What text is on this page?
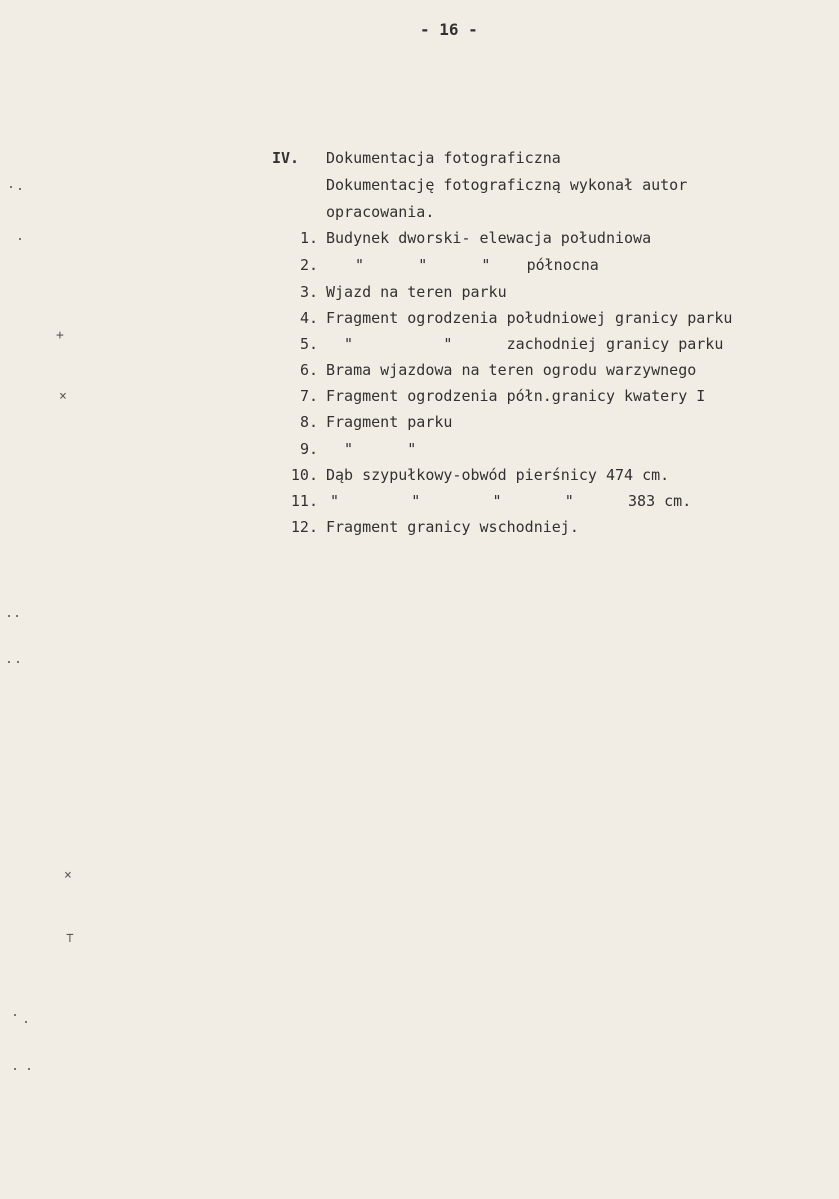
- 16 -
IV. Dokumentacja fotograficzna
Dokumentację fotograficzną wykonał autor
opracowania.
1. Budynek dworski- elewacja południowa
2. "      "      "    północna
3. Wjazd na teren parku
4. Fragment ogrodzenia południowej granicy parku
5. "          "      zachodniej granicy parku
6. Brama wjazdowa na teren ogrodu warzywnego
7. Fragment ogrodzenia półn.granicy kwatery I
8. Fragment parku
9. "      "
10. Dąb szypułkowy-obwód pierśnicy 474 cm.
11. "        "        "       "      383 cm.
12. Fragment granicy wschodniej.
+
×
×
⊤
